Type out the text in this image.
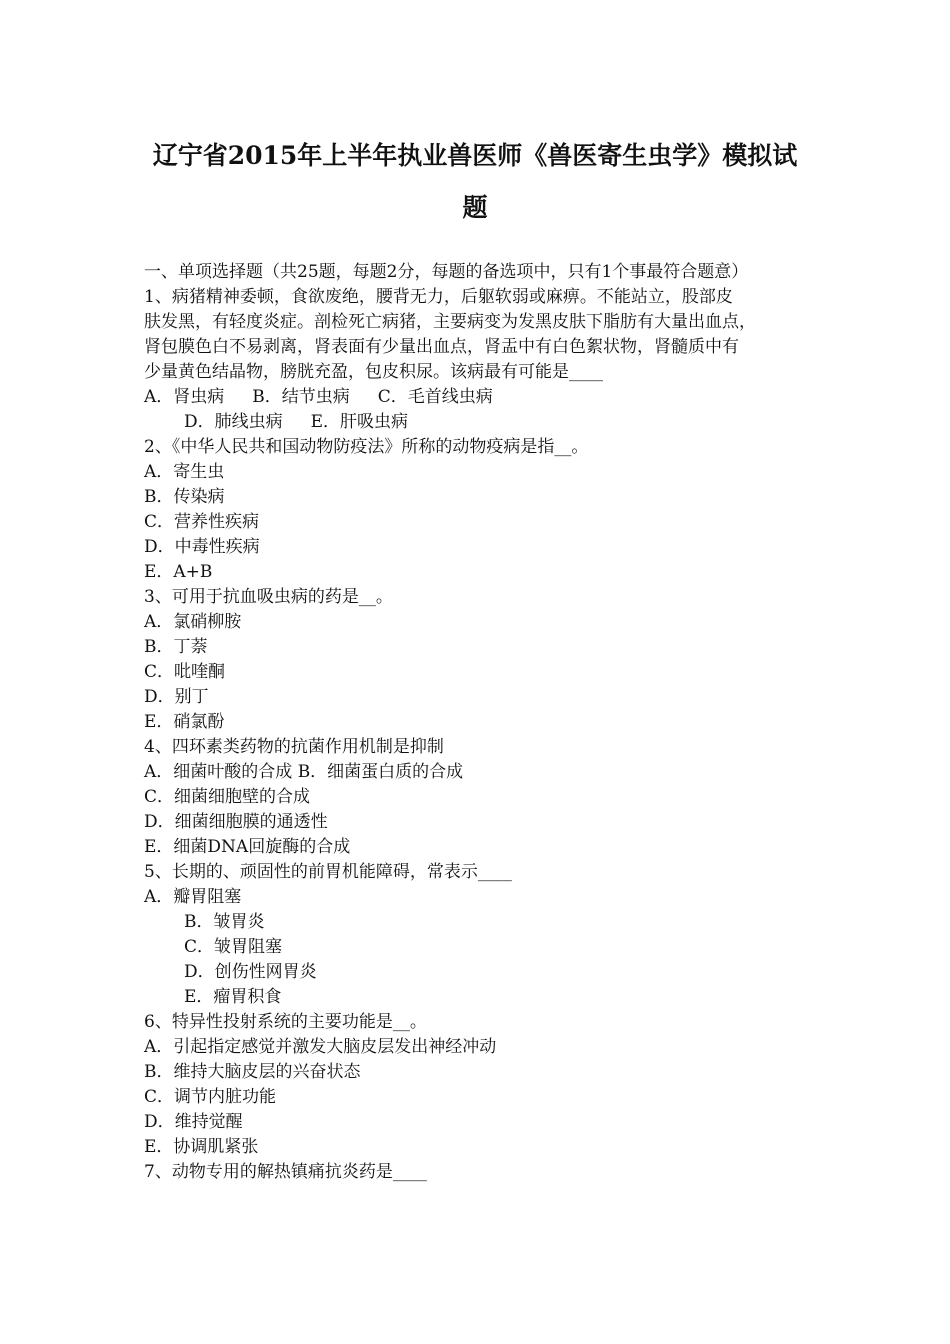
辽宁省2015年上半年执业兽医师《兽医寄生虫学》模拟试
题
一、单项选择题（共25题，每题2分，每题的备选项中，只有1个事最符合题意）
1、病猪精神委顿，食欲废绝，腰背无力，后躯软弱或麻痹。不能站立，股部皮
肤发黑，有轻度炎症。剖检死亡病猪，主要病变为发黑皮肤下脂肪有大量出血点，
肾包膜色白不易剥离，肾表面有少量出血点，肾盂中有白色絮状物，肾髓质中有
少量黄色结晶物，膀胱充盈，包皮积尿。该病最有可能是____
A．肾虫病 B．结节虫病 C．毛首线虫病
D．肺线虫病 E．肝吸虫病
2、《中华人民共和国动物防疫法》所称的动物疫病是指__。
A．寄生虫
B．传染病
C．营养性疾病
D．中毒性疾病
E．A+B
3、可用于抗血吸虫病的药是__。
A．氯硝柳胺
B．丁萘
C．吡喹酮
D．别丁
E．硝氯酚
4、四环素类药物的抗菌作用机制是抑制
A．细菌叶酸的合成 B．细菌蛋白质的合成
C．细菌细胞壁的合成
D．细菌细胞膜的通透性
E．细菌DNA回旋酶的合成
5、长期的、顽固性的前胃机能障碍，常表示____
A．瓣胃阻塞
B．皱胃炎
C．皱胃阻塞
D．创伤性网胃炎
E．瘤胃积食
6、特异性投射系统的主要功能是__。
A．引起指定感觉并激发大脑皮层发出神经冲动
B．维持大脑皮层的兴奋状态
C．调节内脏功能
D．维持觉醒
E．协调肌紧张
7、动物专用的解热镇痛抗炎药是____
